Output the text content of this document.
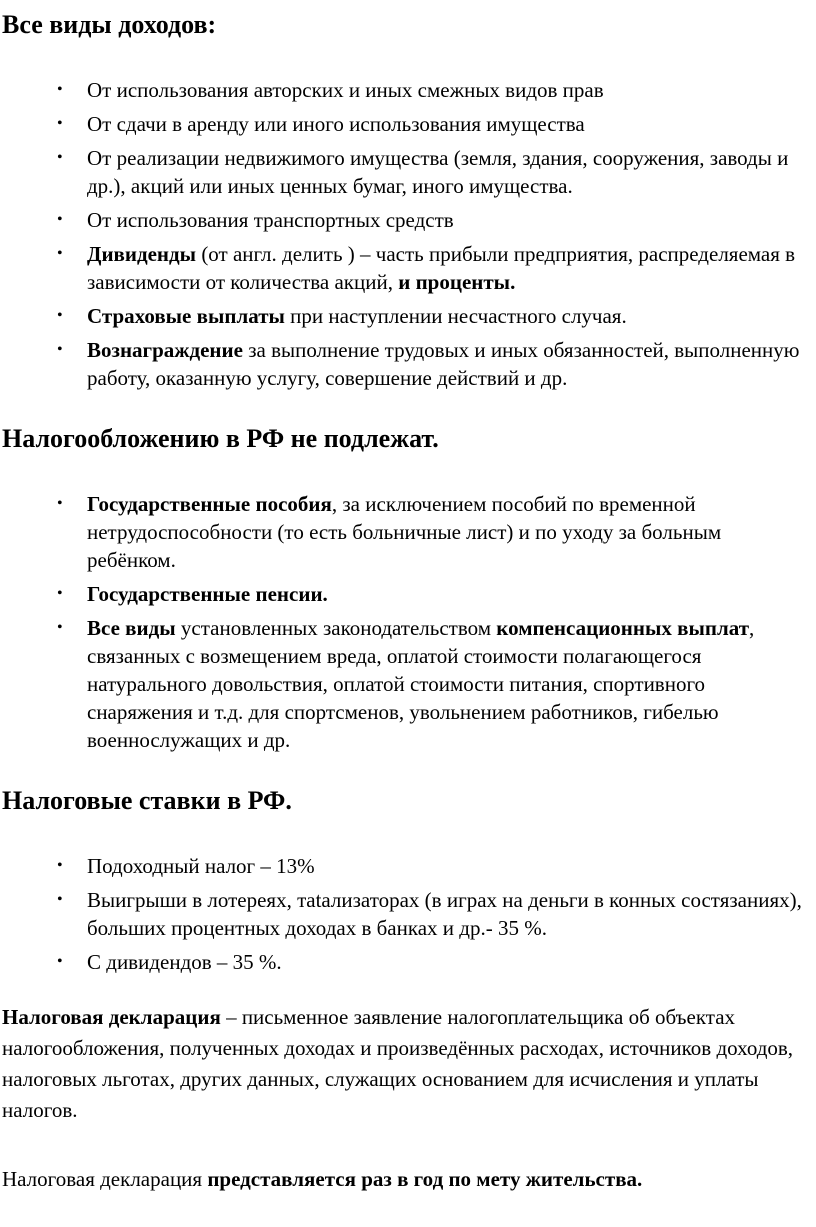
Все виды доходов:
• От использования авторских и иных смежных видов прав
• От сдачи в аренду или иного использования имущества
• От реализации недвижимого имущества (земля, здания, сооружения, заводы и др.), акций или иных ценных бумаг, иного имущества.
• От использования транспортных средств
• Дивиденды (от англ. делить ) – часть прибыли предприятия, распределяемая в зависимости от количества акций, и проценты.
• Страховые выплаты при наступлении несчастного случая.
• Вознаграждение за выполнение трудовых и иных обязанностей, выполненную работу, оказанную услугу, совершение действий и др.
Налогообложению в РФ не подлежат.
• Государственные пособия, за исключением пособий по временной нетрудоспособности (то есть больничные лист) и по уходу за больным ребёнком.
• Государственные пенсии.
• Все виды установленных законодательством компенсационных выплат, связанных с возмещением вреда, оплатой стоимости полагающегося натурального довольствия, оплатой стоимости питания, спортивного снаряжения и т.д. для спортсменов, увольнением работников, гибелью военнослужащих и др.
Налоговые ставки в РФ.
• Подоходный налог – 13%
• Выигрыши в лотереях, тatализаторах (в играх на деньги в конных состязаниях), больших процентных доходах в банках и др.- 35 %.
• С дивидендов – 35 %.

Налоговая декларация – письменное заявление налогоплательщика об объектах налогообложения, полученных доходах и произведённых расходах, источников доходов, налоговых льготах, других данных, служащих основанием для исчисления и уплаты налогов.

Налоговая декларация представляется раз в год по мету жительства.
